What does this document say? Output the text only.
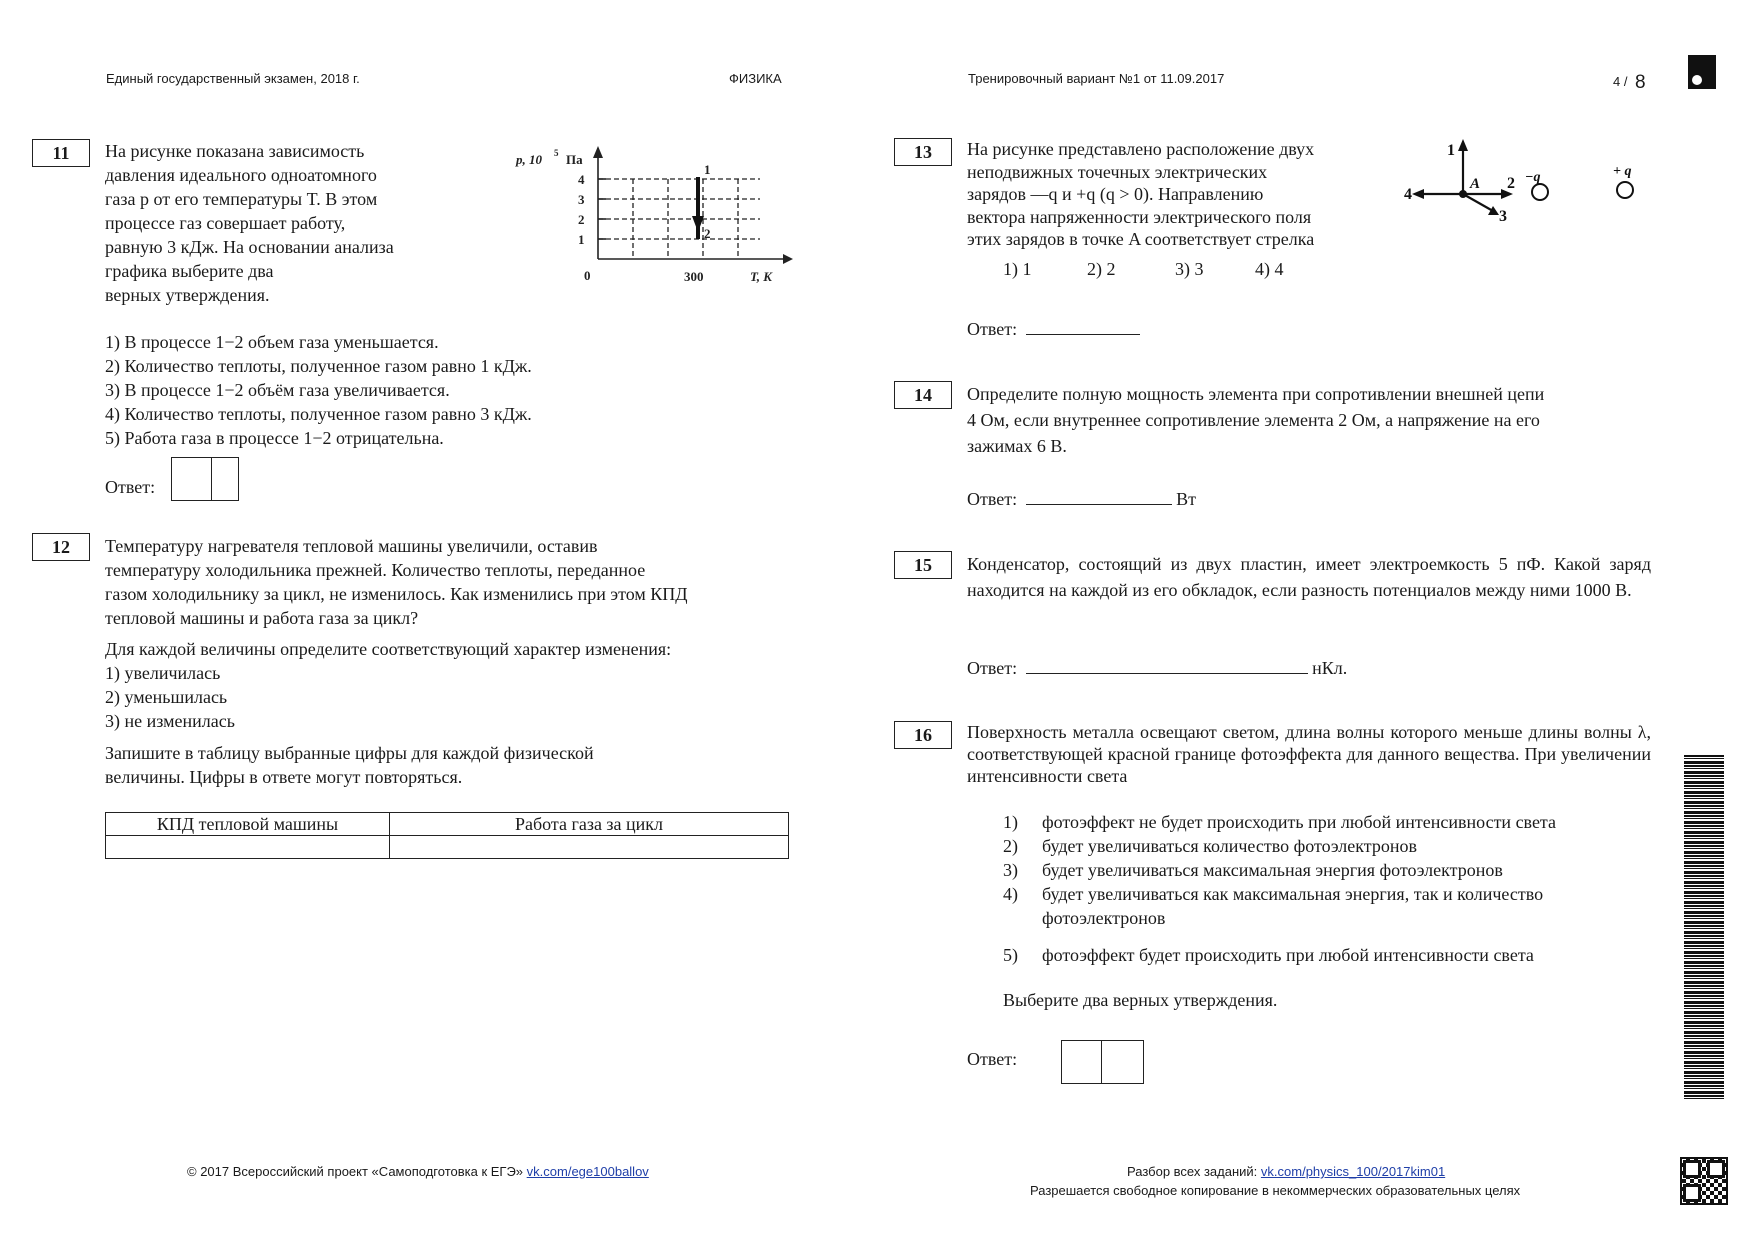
Единый государственный экзамен, 2018 г.	ФИЗИКА	Тренировочный вариант №1 от 11.09.2017	4 / 8
11	На рисунке показана зависимость
давления идеального одноатомного
газа p от его температуры T. В этом
процессе газ совершает работу,
равную 3 кДж. На основании анализа
графика выберите два
верных утверждения.
p, 10 5 Па
4
3
2
1
0	300	T, K
1
2
1) В процессе 1−2 объем газа уменьшается.
2) Количество теплоты, полученное газом равно 1 кДж.
3) В процессе 1−2 объём газа увеличивается.
4) Количество теплоты, полученное газом равно 3 кДж.
5) Работа газа в процессе 1−2 отрицательна.
Ответ:
12	Температуру нагревателя тепловой машины увеличили, оставив
температуру холодильника прежней. Количество теплоты, переданное
газом холодильнику за цикл, не изменилось. Как изменились при этом КПД
тепловой машины и работа газа за цикл?
Для каждой величины определите соответствующий характер изменения:
1) увеличилась
2) уменьшилась
3) не изменилась
Запишите в таблицу выбранные цифры для каждой физической
величины. Цифры в ответе могут повторяться.
КПД тепловой машины	Работа газа за цикл

13	На рисунке представлено расположение двух
неподвижных точечных электрических
зарядов —q и +q (q > 0). Направлению
вектора напряженности электрического поля
этих зарядов в точке A соответствует стрелка
1
2
3
4
A	−q	+ q
1) 1	2) 2	3) 3	4) 4
Ответ:
14	Определите полную мощность элемента при сопротивлении внешней цепи
4 Ом, если внутреннее сопротивление элемента 2 Ом, а напряжение на его
зажимах 6 В.
Ответ:	Вт
15	Конденсатор, состоящий из двух пластин, имеет электроемкость 5 пФ. Какой заряд находится на каждой из его обкладок, если разность потенциалов между ними 1000 В.
Ответ:	нКл.
16	Поверхность металла освещают светом, длина волны которого меньше длины волны λ, соответствующей красной границе фотоэффекта для данного вещества. При увеличении интенсивности света
1)	фотоэффект не будет происходить при любой интенсивности света
2)	будет увеличиваться количество фотоэлектронов
3)	будет увеличиваться максимальная энергия фотоэлектронов
4)	будет увеличиваться как максимальная энергия, так и количество
фотоэлектронов
5)	фотоэффект будет происходить при любой интенсивности света
Выберите два верных утверждения.
Ответ:
© 2017 Всероссийский проект «Самоподготовка к ЕГЭ» vk.com/ege100ballov	Разбор всех заданий: vk.com/physics_100/2017kim01
Разрешается свободное копирование в некоммерческих образовательных целях
